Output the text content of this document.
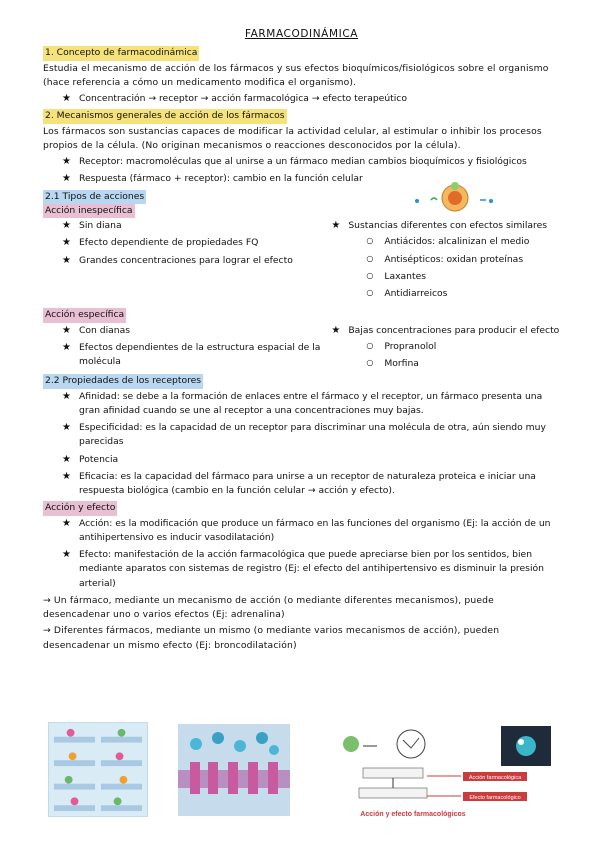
FARMACODINÁMICA
1. Concepto de farmacodinámica

Estudia el mecanismo de acción de los fármacos y sus efectos bioquímicos/fisiológicos sobre el organismo (hace referencia a cómo un medicamento modifica el organismo).

★ Concentración → receptor → acción farmacológica → efecto terapeútico
2. Mecanismos generales de acción de los fármacos

Los fármacos son sustancias capaces de modificar la actividad celular, al estimular o inhibir los procesos propios de la célula. (No originan mecanismos o reacciones desconocidos por la célula).

★ Receptor: macromoléculas que al unirse a un fármaco median cambios bioquímicos y fisiológicos
★ Respuesta (fármaco + receptor): cambio en la función celular
2.1 Tipos de acciones
Acción inespecífica
★ Sin diana
★ Efecto dependiente de propiedades FQ
★ Grandes concentraciones para lograr el efecto
★ Sustancias diferentes con efectos similares
○ Antiácidos: alcalinizan el medio
○ Antisépticos: oxidan proteínas
○ Laxantes
○ Antidiarreicos
Acción específica
★ Con dianas
★ Efectos dependientes de la estructura espacial de la molécula
★ Bajas concentraciones para producir el efecto
○ Propranolol
○ Morfina
2.2 Propiedades de los receptores
★ Afinidad: se debe a la formación de enlaces entre el fármaco y el receptor, un fármaco presenta una gran afinidad cuando se une al receptor a una concentraciones muy bajas.
★ Especificidad: es la capacidad de un receptor para discriminar una molécula de otra, aún siendo muy parecidas
★ Potencia
★ Eficacia: es la capacidad del fármaco para unirse a un receptor de naturaleza proteica e iniciar una respuesta biológica (cambio en la función celular → acción y efecto).
Acción y efecto
★ Acción: es la modificación que produce un fármaco en las funciones del organismo (Ej: la acción de un antihipertensivo es inducir vasodilatación)
★ Efecto: manifestación de la acción farmacológica que puede apreciarse bien por los sentidos, bien mediante aparatos con sistemas de registro (Ej: el efecto del antihipertensivo es disminuir la presión arterial)

→ Un fármaco, mediante un mecanismo de acción (o mediante diferentes mecanismos), puede desencadenar uno o varios efectos (Ej: adrenalina)

→ Diferentes fármacos, mediante un mismo (o mediante varios mecanismos de acción), pueden desencadenar un mismo efecto (Ej: broncodilatación)

Acción farmacológica
Efecto farmacológico
Acción y efecto farmacológicos
